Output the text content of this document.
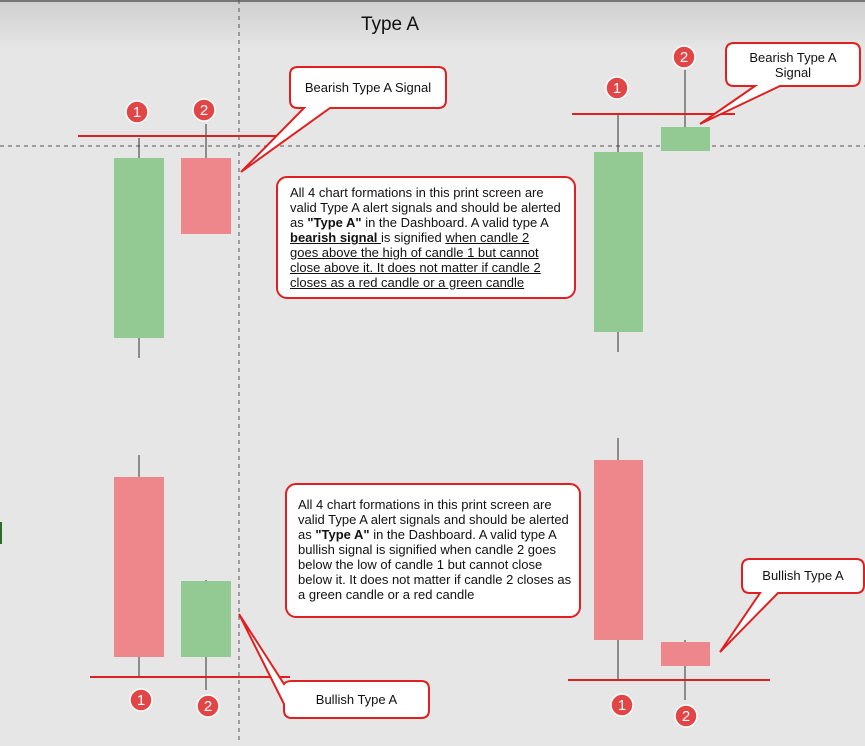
1	2
1
2
1	2	1
2
Type A
Bearish Type A Signal
Bearish Type A
Signal
Bullish Type A
Bullish Type A
All 4 chart formations in this print screen are
valid Type A alert signals and should be alerted
as "Type A" in the Dashboard. A valid type A
bearish signal is signified when candle 2
goes above the high of candle 1 but cannot
close above it. It does not matter if candle 2
closes as a red candle or a green candle
All 4 chart formations in this print screen are
valid Type A alert signals and should be alerted
as "Type A" in the Dashboard. A valid type A
bullish signal is signified when candle 2 goes
below the low of candle 1 but cannot close
below it. It does not matter if candle 2 closes as
a green candle or a red candle
